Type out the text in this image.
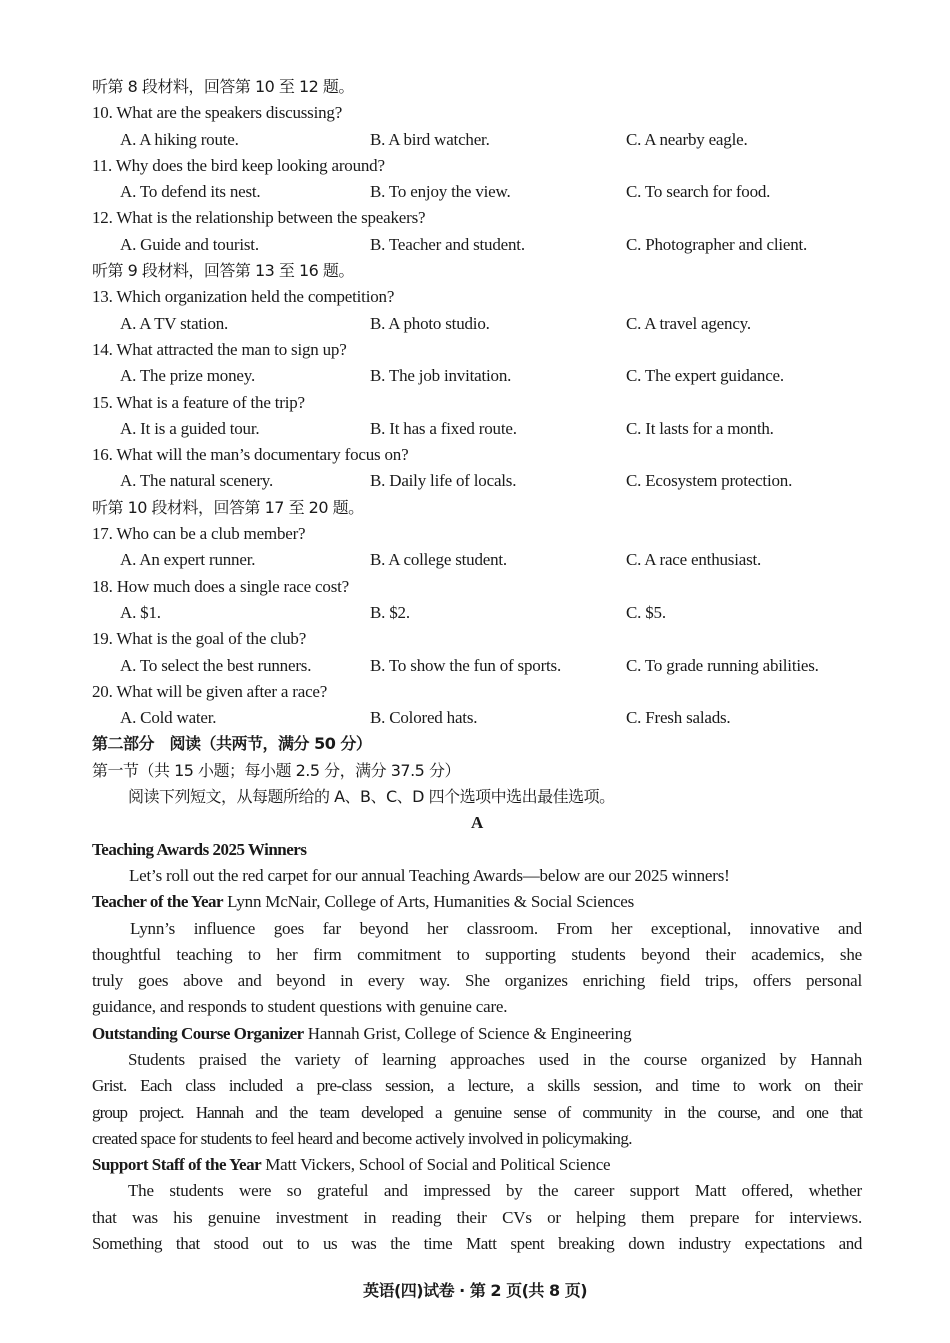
听第 8 段材料，回答第 10 至 12 题。
10. What are the speakers discussing?
A. A hiking route.	B. A bird watcher.	C. A nearby eagle.
11. Why does the bird keep looking around?
A. To defend its nest.	B. To enjoy the view.	C. To search for food.
12. What is the relationship between the speakers?
A. Guide and tourist.	B. Teacher and student.	C. Photographer and client.
听第 9 段材料，回答第 13 至 16 题。
13. Which organization held the competition?
A. A TV station.	B. A photo studio.	C. A travel agency.
14. What attracted the man to sign up?
A. The prize money.	B. The job invitation.	C. The expert guidance.
15. What is a feature of the trip?
A. It is a guided tour.	B. It has a fixed route.	C. It lasts for a month.
16. What will the man’s documentary focus on?
A. The natural scenery.	B. Daily life of locals.	C. Ecosystem protection.
听第 10 段材料，回答第 17 至 20 题。
17. Who can be a club member?
A. An expert runner.	B. A college student.	C. A race enthusiast.
18. How much does a single race cost?
A. $1.	B. $2.	C. $5.
19. What is the goal of the club?
A. To select the best runners.	B. To show the fun of sports.	C. To grade running abilities.
20. What will be given after a race?
A. Cold water.	B. Colored hats.	C. Fresh salads.
第二部分　阅读（共两节，满分 50 分）
第一节（共 15 小题；每小题 2.5 分，满分 37.5 分）
阅读下列短文，从每题所给的 A、B、C、D 四个选项中选出最佳选项。
A
Teaching Awards 2025 Winners
Let’s roll out the red carpet for our annual Teaching Awards—below are our 2025 winners!
Teacher of the Year Lynn McNair, College of Arts, Humanities & Social Sciences
Lynn’s influence goes far beyond her classroom. From her exceptional, innovative and
thoughtful teaching to her firm commitment to supporting students beyond their academics, she
truly goes above and beyond in every way. She organizes enriching field trips, offers personal
guidance, and responds to student questions with genuine care.
Outstanding Course Organizer Hannah Grist, College of Science & Engineering
Students praised the variety of learning approaches used in the course organized by Hannah
Grist. Each class included a pre-class session, a lecture, a skills session, and time to work on their
group project. Hannah and the team developed a genuine sense of community in the course, and one that
created space for students to feel heard and become actively involved in policymaking.
Support Staff of the Year Matt Vickers, School of Social and Political Science
The students were so grateful and impressed by the career support Matt offered, whether
that was his genuine investment in reading their CVs or helping them prepare for interviews.
Something that stood out to us was the time Matt spent breaking down industry expectations and
英语(四)试卷 · 第 2 页(共 8 页)
